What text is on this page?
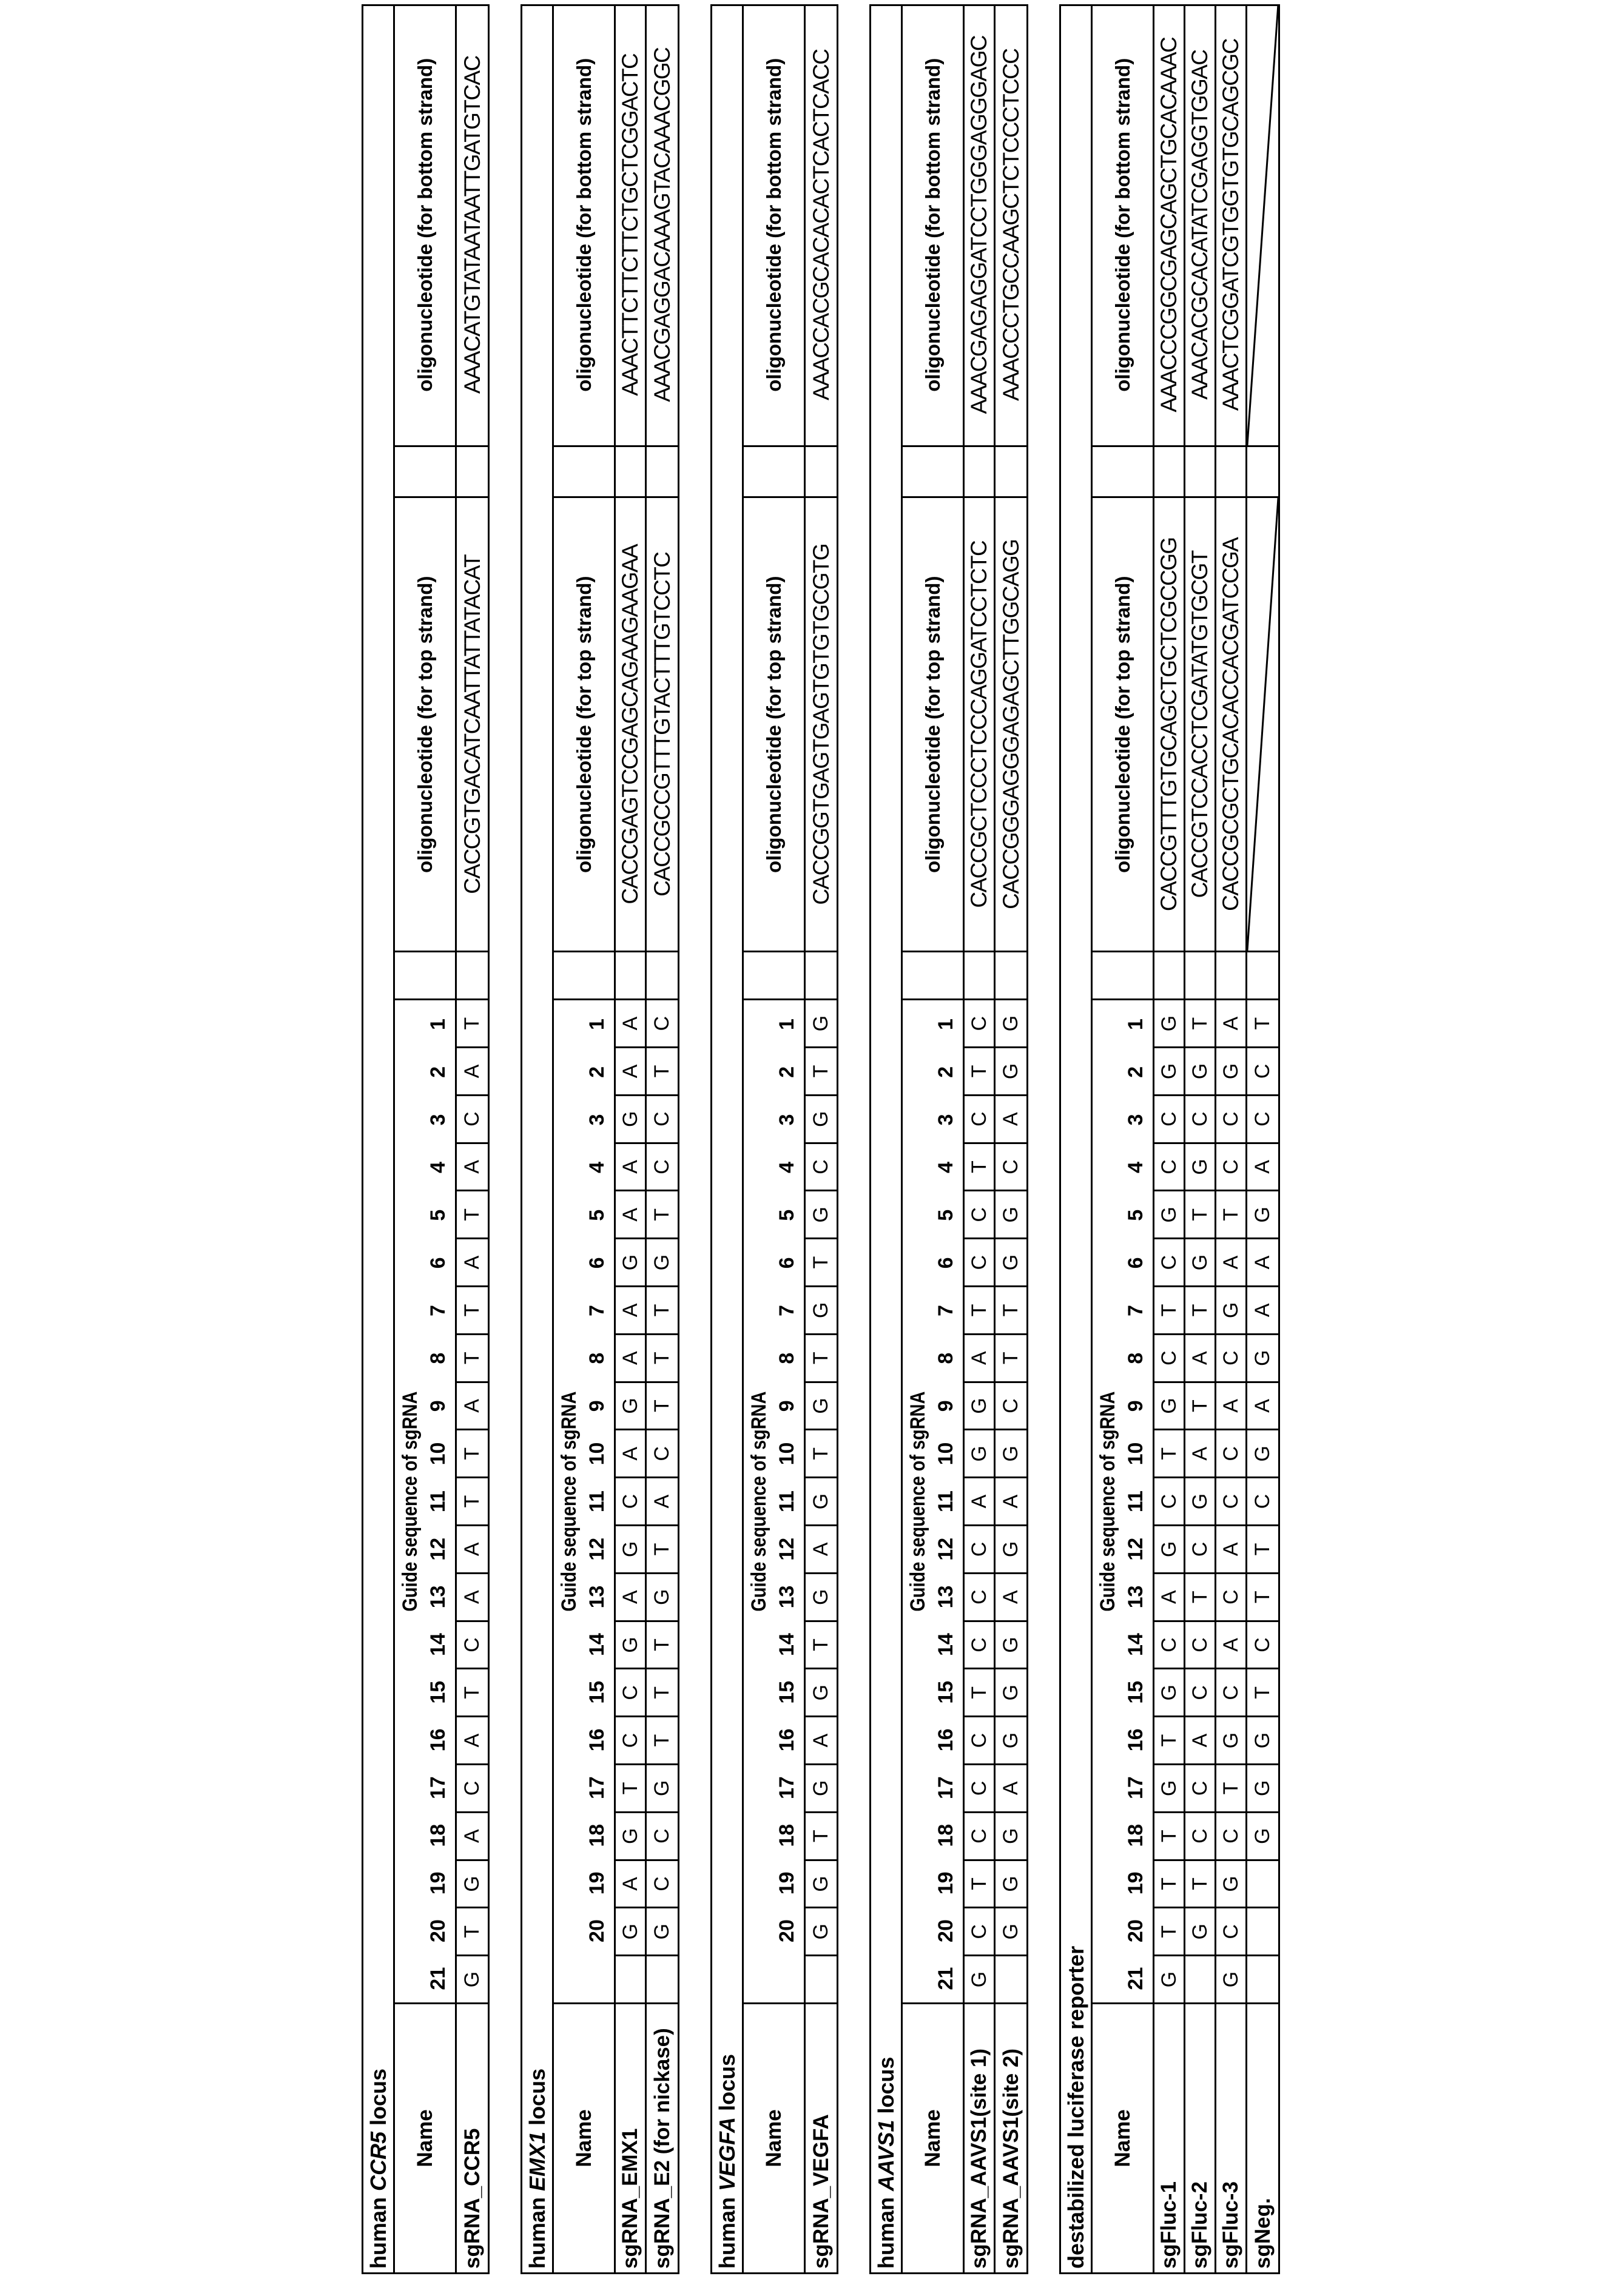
human
CCR5
locus
Name
Guide sequence of sgRNA
21
20
19
18
17
16
15
14
13
12
11
10
9
8
7
6
5
4
3
2
1
oligonucleotide (for top strand)
oligonucleotide (for bottom strand)
sgRNA_CCR5
G
T
G
A
C
A
T
C
A
A
T
T
A
T
T
A
T
A
C
A
T
CACCGTGACATCAATTATTATACAT
AAACATGTATAATAATTGATGTCAC
human
EMX1
locus
Name
Guide sequence of sgRNA
20
19
18
17
16
15
14
13
12
11
10
9
8
7
6
5
4
3
2
1
oligonucleotide (for top strand)
oligonucleotide (for bottom strand)
sgRNA_EMX1
G
A
G
T
C
C
G
A
G
C
A
G
A
A
G
A
A
G
A
A
CACCGAGTCCGAGCAGAAGAAGAA
AAACTTCTTCTTCTGCTCGGACTC
sgRNA_E2 (for nickase)
G
C
C
G
T
T
T
G
T
A
C
T
T
T
G
T
C
C
T
C
CACCGCCGTTTGTACTTTGTCCTC
AAACGAGGACAAAGTACAAACGGC
human
VEGFA
locus
Name
Guide sequence of sgRNA
20
19
18
17
16
15
14
13
12
11
10
9
8
7
6
5
4
3
2
1
oligonucleotide (for top strand)
oligonucleotide (for bottom strand)
sgRNA_VEGFA
G
G
T
G
A
G
T
G
A
G
T
G
T
G
T
G
C
G
T
G
CACCGGTGAGTGAGTGTGTGCGTG
AAACCACGCACACACTCACTCACC
human
AAVS1
locus
Name
Guide sequence of sgRNA
21
20
19
18
17
16
15
14
13
12
11
10
9
8
7
6
5
4
3
2
1
oligonucleotide (for top strand)
oligonucleotide (for bottom strand)
sgRNA_AAVS1(site 1)
G
C
T
C
C
C
T
C
C
C
A
G
G
A
T
C
C
T
C
T
C
CACCGCTCCCTCCCAGGATCCTCTC
AAACGAGAGGATCCTGGGAGGGAGC
sgRNA_AAVS1(site 2)
G
G
G
A
G
G
G
A
G
A
G
C
T
T
G
G
C
A
G
G
CACCGGGAGGGAGAGCTTGGCAGG
AAACCCTGCCAAGCTCTCCCTCCC
destabilized luciferase reporter	Name
Guide sequence of sgRNA
21
20
19
18
17
16
15
14
13
12
11
10
9
8
7
6
5
4
3
2
1
oligonucleotide (for top strand)
oligonucleotide (for bottom strand)
sgFluc-1
G
T
T
T
G
T
G
C
A
G
C
T
G
C
T
C
G
C
C
G
G
CACCGTTTGTGCAGCTGCTCGCCGG
AAACCCGGCGAGCAGCTGCACAAAC
sgFluc-2
G
T
C
C
A
C
C
T
C
G
A
T
A
T
G
T
G
C
G
T
CACCGTCCACCTCGATATGTGCGT
AAACACGCACATATCGAGGTGGAC
sgFluc-3
G
C
G
C
T
G
C
A
C
A
C
C
A
C
G
A
T
C
C
G
A
CACCGCGCTGCACACCACGATCCGA
AAACTCGGATCGTGGTGTGCAGCGC
sgNeg.
G
G
G
T
C
T
T
C
G
A
G
A
A
G
A
C
C
T
